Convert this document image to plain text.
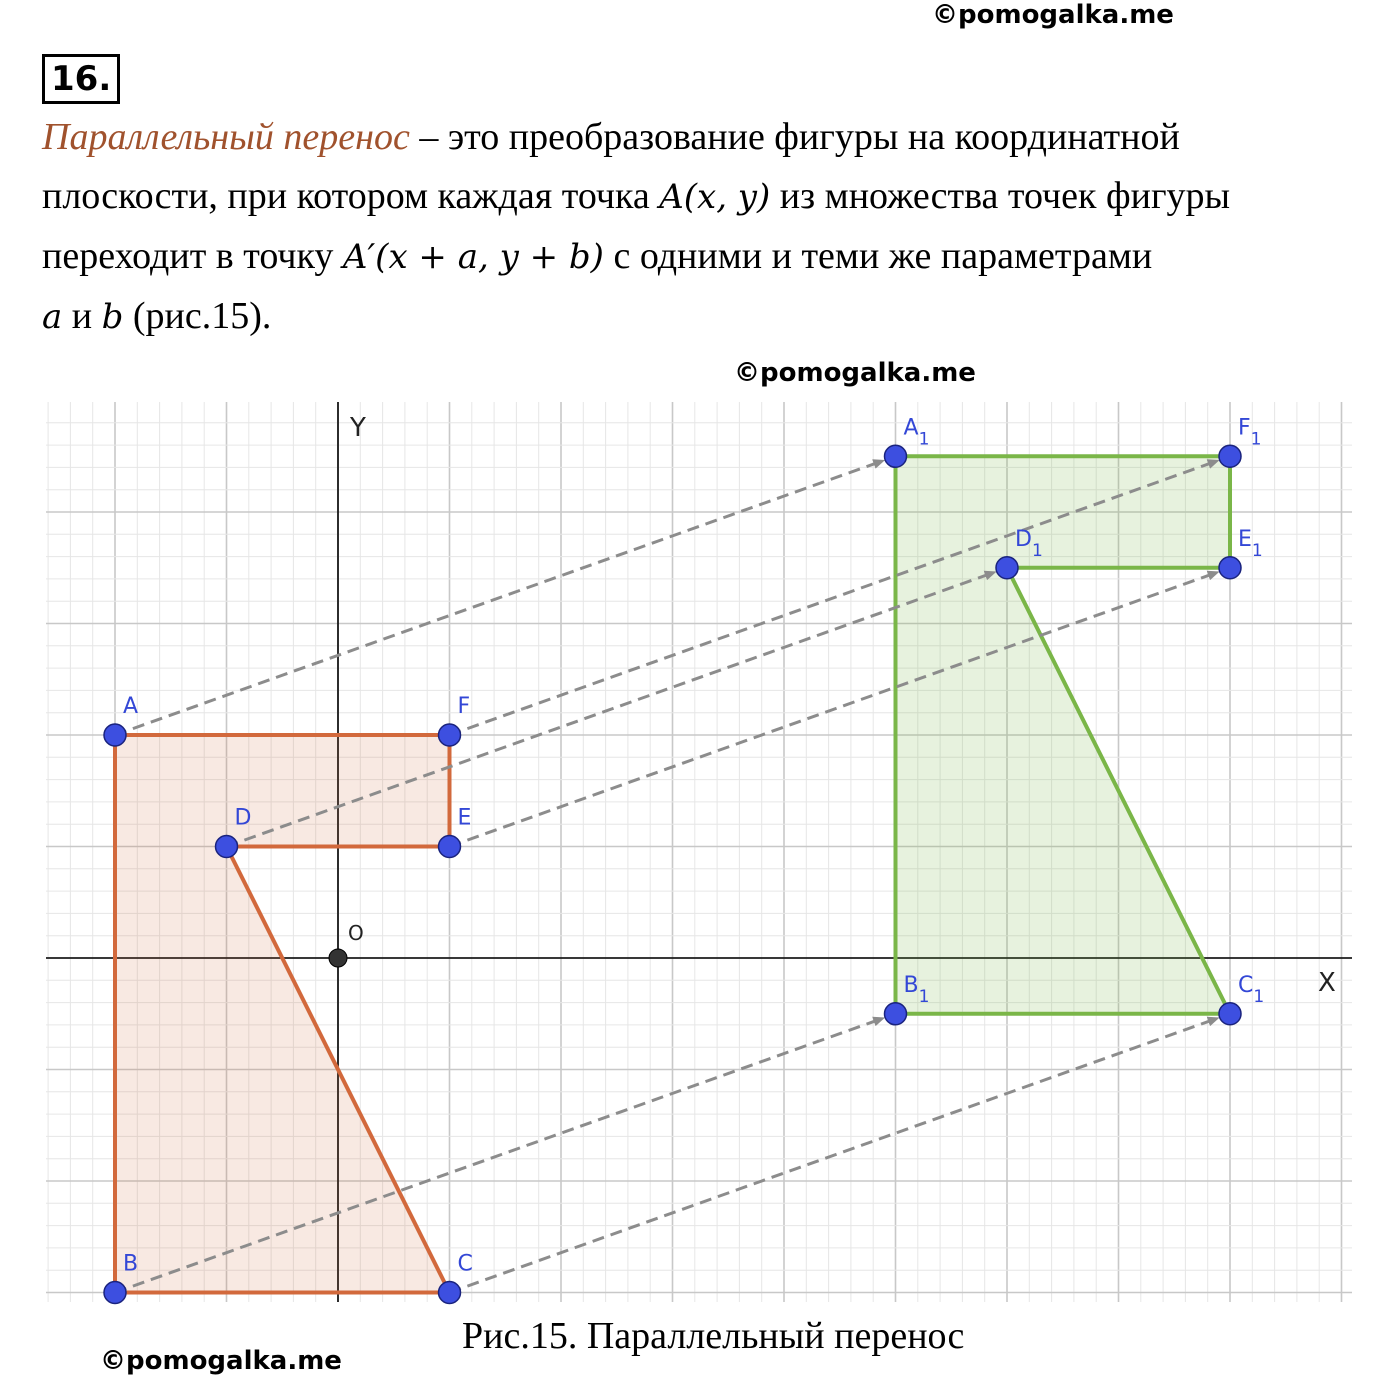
©pomogalka.me
©pomogalka.me
©pomogalka.me
16.
Параллельный перенос – это преобразование фигуры на координатной
плоскости, при котором каждая точка A(x, y) из множества точек фигуры
переходит в точку A′(x + a, y + b) с одними и теми же параметрами
a и b (рис.15).
X
Y
O
A
B	C
D	E
F
$A_1$
$B_1$	$C_1$
$D_1$	$E_1$
$F_1$
Рис.15. Параллельный перенос
